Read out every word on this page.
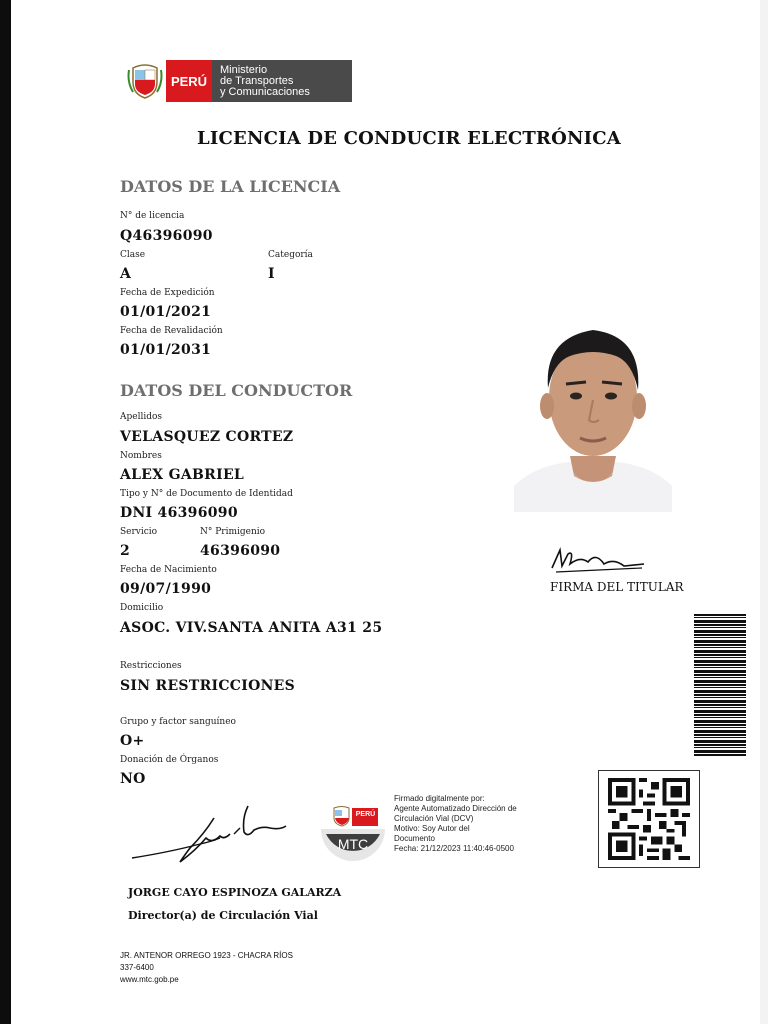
PERÚ
Ministerio
de Transportes
y Comunicaciones
LICENCIA DE CONDUCIR ELECTRÓNICA
DATOS DE LA LICENCIA
N° de licencia
Q46396090
Clase
A
Categoría
I
Fecha de Expedición
01/01/2021
Fecha de Revalidación
01/01/2031
DATOS DEL CONDUCTOR
Apellidos
VELASQUEZ CORTEZ
Nombres
ALEX GABRIEL
Tipo y N° de Documento de Identidad
DNI 46396090
Servicio
2
N° Primigenio
46396090
Fecha de Nacimiento
09/07/1990
Domicilio
ASOC. VIV.SANTA ANITA A31 25
Restricciones
SIN RESTRICCIONES
Grupo y factor sanguíneo
O+
Donación de Órganos
NO
FIRMA DEL TITULAR
PERÚ
MTC
Firmado digitalmente por:
Agente Automatizado Dirección de
Circulación Vial (DCV)
Motivo: Soy Autor del
Documento
Fecha: 21/12/2023 11:40:46-0500
JORGE CAYO ESPINOZA GALARZA
Director(a) de Circulación Vial
JR. ANTENOR ORREGO 1923 - CHACRA RÍOS
337-6400
www.mtc.gob.pe
